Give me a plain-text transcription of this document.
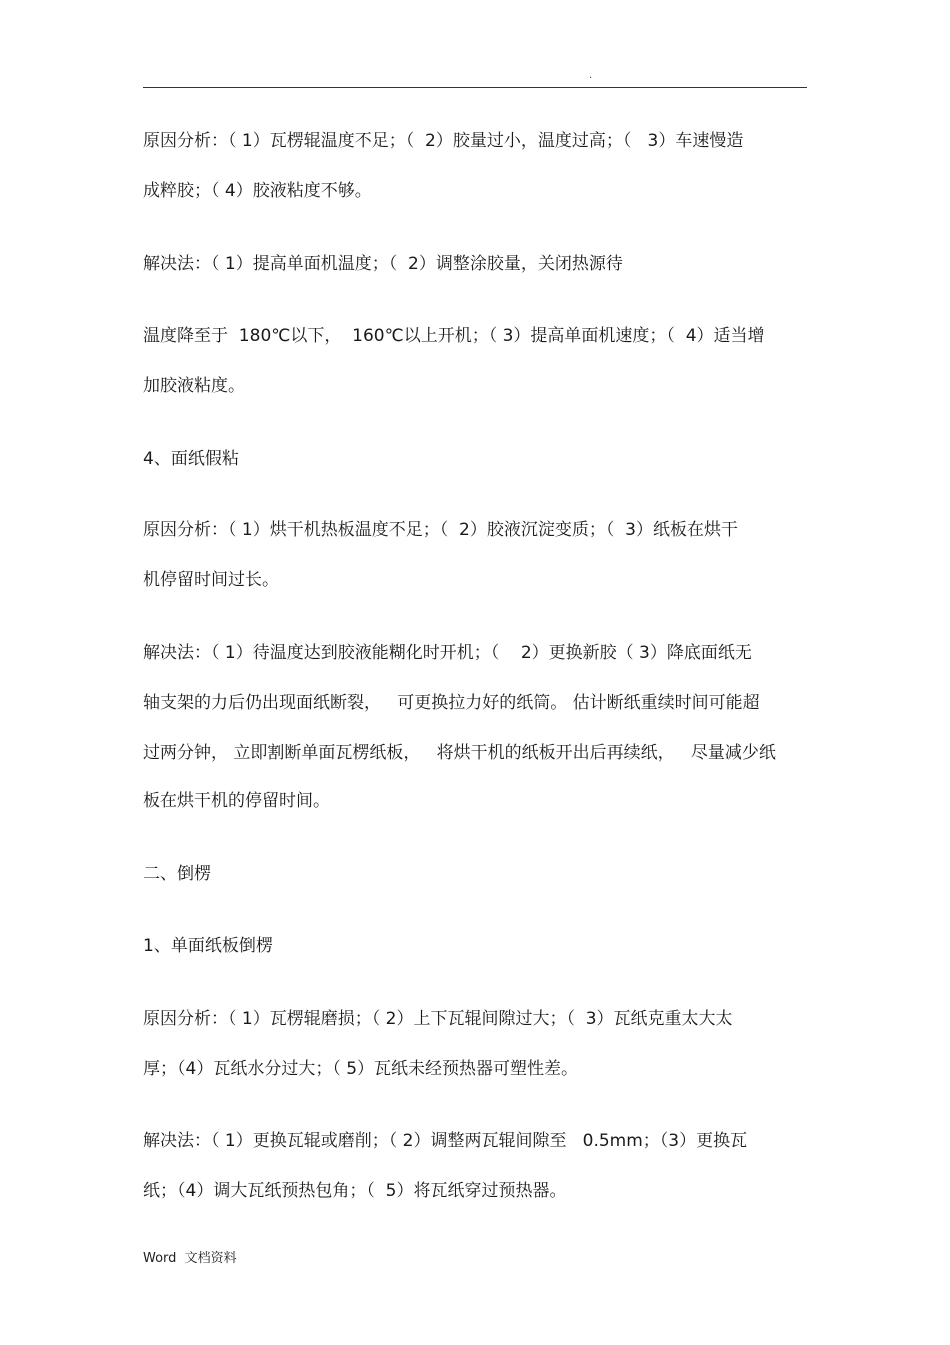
.
原因分析：（ 1）瓦楞辊温度不足；（  2）胶量过小，温度过高；（   3）车速慢造
成粹胶；（ 4）胶液粘度不够。
解决法：（ 1）提高单面机温度；（  2）调整涂胶量，关闭热源待
温度降至于  180℃以下，  160℃以上开机；（ 3）提高单面机速度；（  4）适当增
加胶液粘度。
4、面纸假粘
原因分析：（ 1）烘干机热板温度不足；（  2）胶液沉淀变质；（  3）纸板在烘干
机停留时间过长。
解决法：（ 1）待温度达到胶液能糊化时开机；（    2）更换新胶（ 3）降底面纸无
轴支架的力后仍出现面纸断裂，   可更换拉力好的纸筒。 估计断纸重续时间可能超
过两分钟， 立即割断单面瓦楞纸板，   将烘干机的纸板开出后再续纸，   尽量减少纸
板在烘干机的停留时间。
二、倒楞
1、单面纸板倒楞
原因分析：（ 1）瓦楞辊磨损；（ 2）上下瓦辊间隙过大；（  3）瓦纸克重太大太
厚；（4）瓦纸水分过大；（ 5）瓦纸未经预热器可塑性差。
解决法：（ 1）更换瓦辊或磨削；（ 2）调整两瓦辊间隙至   0.5mm；（3）更换瓦
纸；（4）调大瓦纸预热包角；（  5）将瓦纸穿过预热器。
Word  文档资料
